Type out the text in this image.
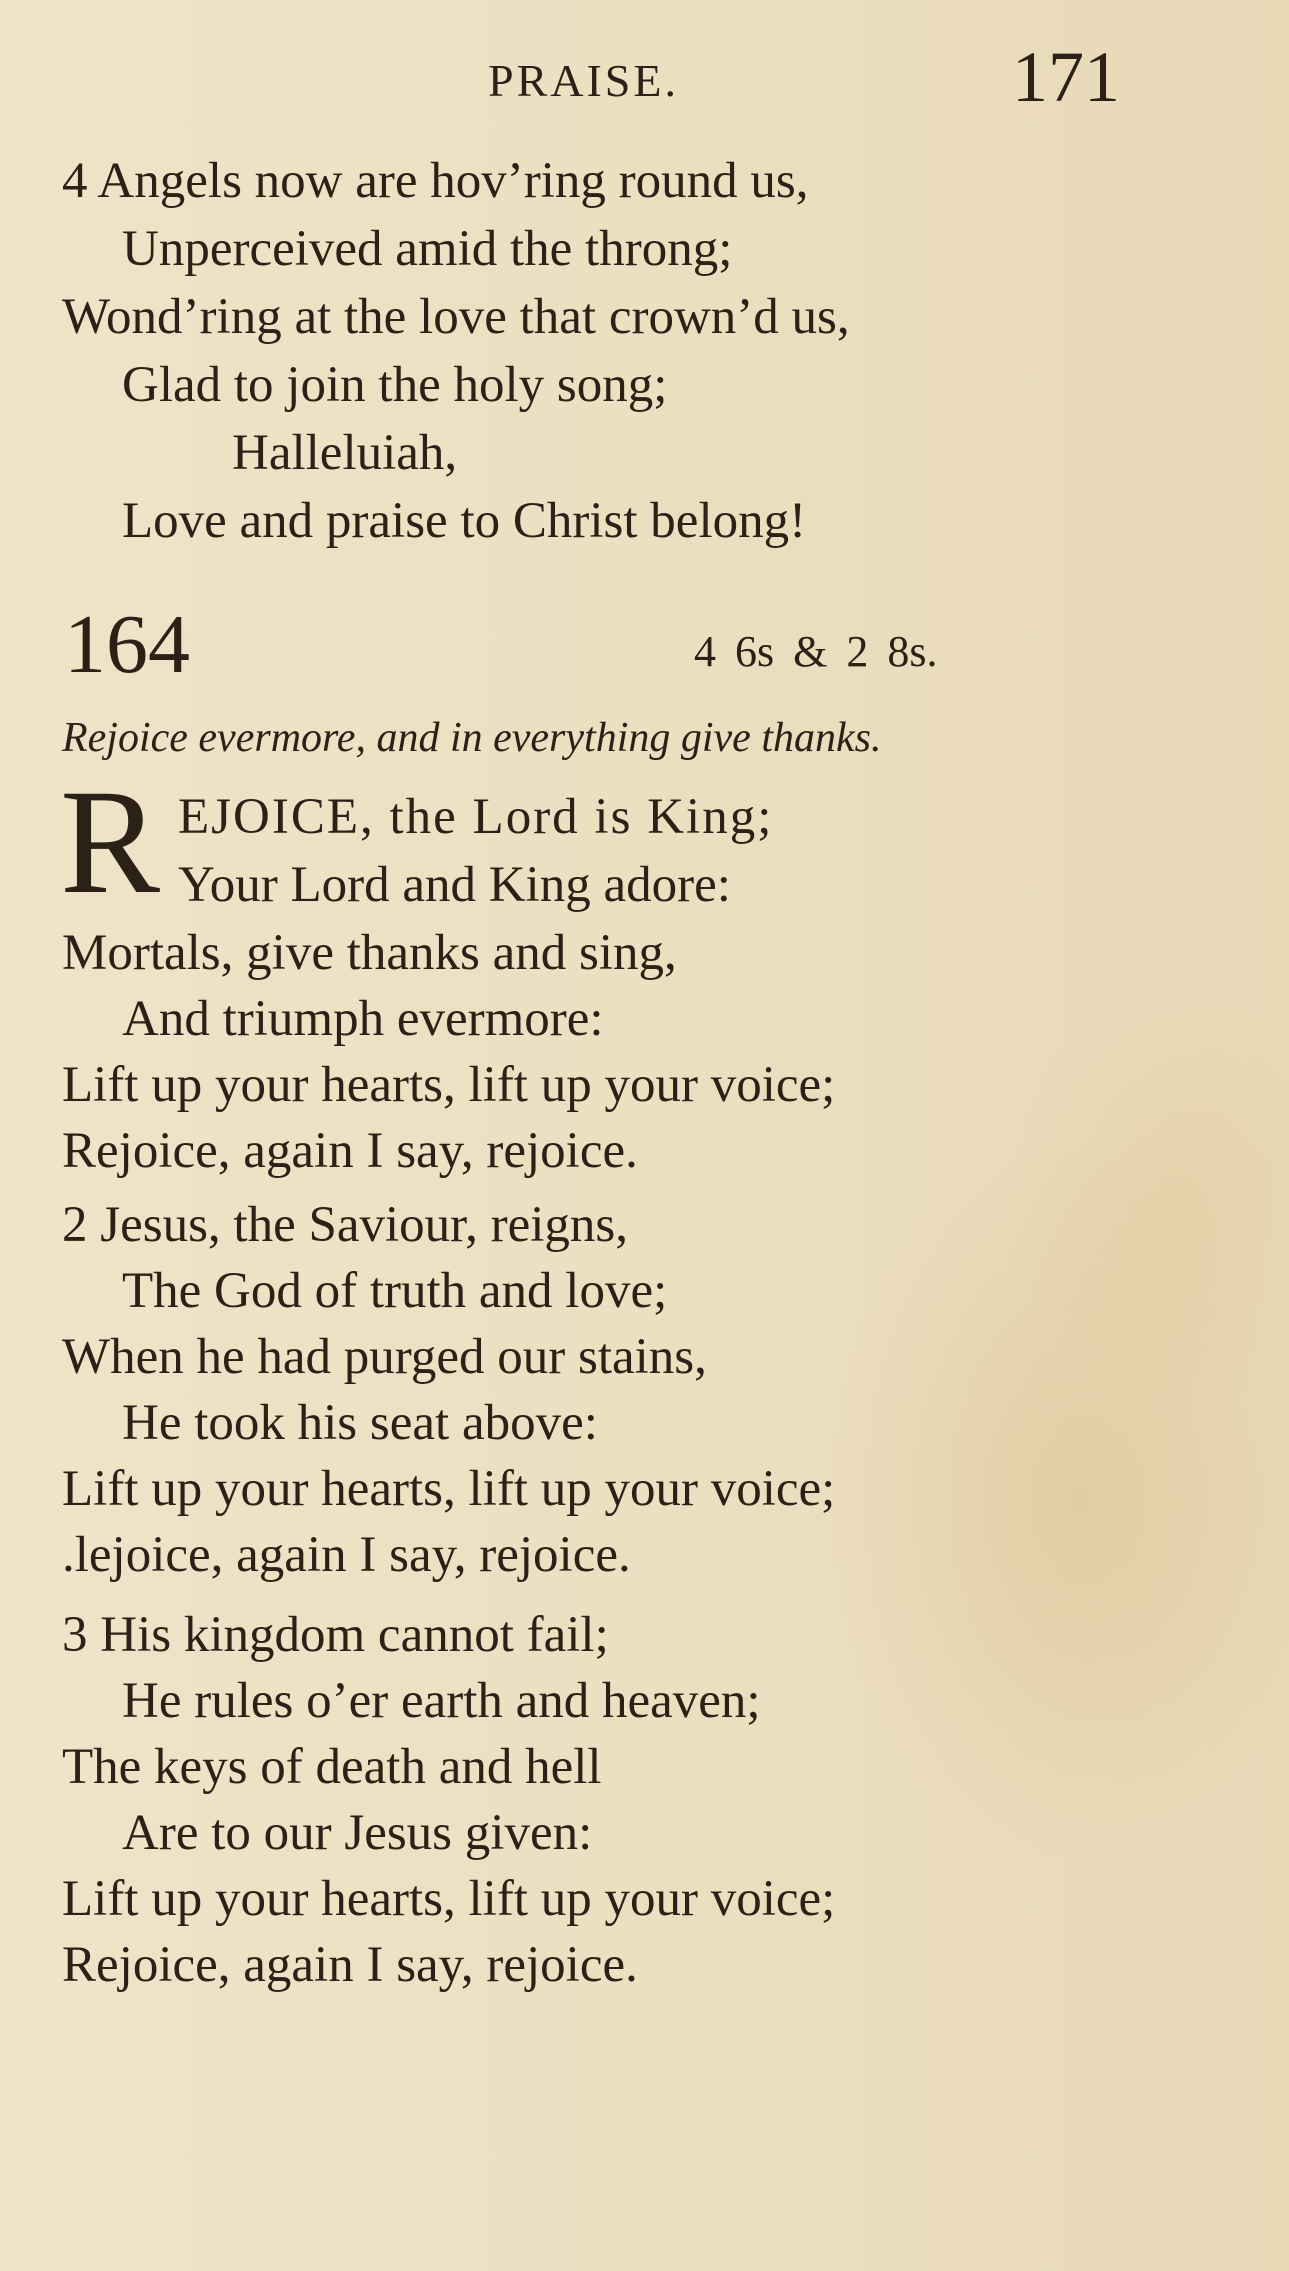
PRAISE.	171
4 Angels now are hov’ring round us,
Unperceived amid the throng;
Wond’ring at the love that crown’d us,
Glad to join the holy song;
Halleluiah,
Love and praise to Christ belong!
164	4 6s & 2 8s.
Rejoice evermore, and in everything give thanks.
R EJOICE, the Lord is King;
Your Lord and King adore:
Mortals, give thanks and sing,
And triumph evermore:
Lift up your hearts, lift up your voice;
Rejoice, again I say, rejoice.
2 Jesus, the Saviour, reigns,
The God of truth and love;
When he had purged our stains,
He took his seat above:
Lift up your hearts, lift up your voice;
.lejoice, again I say, rejoice.
3 His kingdom cannot fail;
He rules o’er earth and heaven;
The keys of death and hell
Are to our Jesus given:
Lift up your hearts, lift up your voice;
Rejoice, again I say, rejoice.
